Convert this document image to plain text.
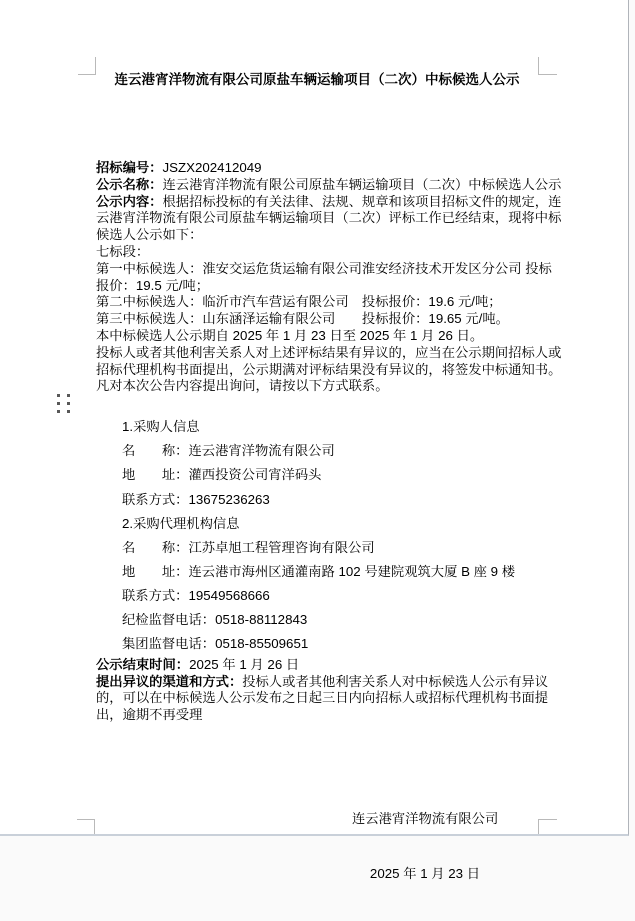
连云港宵洋物流有限公司原盐车辆运输项目（二次）中标候选人公示

招标编号：JSZX202412049
公示名称：连云港宵洋物流有限公司原盐车辆运输项目（二次）中标候选人公示
公示内容：根据招标投标的有关法律、法规、规章和该项目招标文件的规定，连
云港宵洋物流有限公司原盐车辆运输项目（二次）评标工作已经结束，现将中标
候选人公示如下：
七标段：
第一中标候选人：淮安交运危货运输有限公司淮安经济技术开发区分公司 投标
报价：19.5 元/吨；
第二中标候选人：临沂市汽车营运有限公司　投标报价：19.6 元/吨；
第三中标候选人：山东涵泽运输有限公司　　投标报价：19.65 元/吨。
本中标候选人公示期自 2025 年 1 月 23 日至 2025 年 1 月 26 日。
投标人或者其他利害关系人对上述评标结果有异议的，应当在公示期间招标人或
招标代理机构书面提出，公示期满对评标结果没有异议的，将签发中标通知书。
凡对本次公告内容提出询问，请按以下方式联系。

1.采购人信息
名　　称：连云港宵洋物流有限公司
地　　址：灌西投资公司宵洋码头
联系方式：13675236263
2.采购代理机构信息
名　　称：江苏卓旭工程管理咨询有限公司
地　　址：连云港市海州区通灌南路 102 号建院观筑大厦 B 座 9 楼
联系方式：19549568666
纪检监督电话：0518-88112843
集团监督电话：0518-85509651

公示结束时间：2025 年 1 月 26 日
提出异议的渠道和方式：投标人或者其他利害关系人对中标候选人公示有异议
的，可以在中标候选人公示发布之日起三日内向招标人或招标代理机构书面提
出，逾期不再受理

连云港宵洋物流有限公司

2025 年 1 月 23 日
